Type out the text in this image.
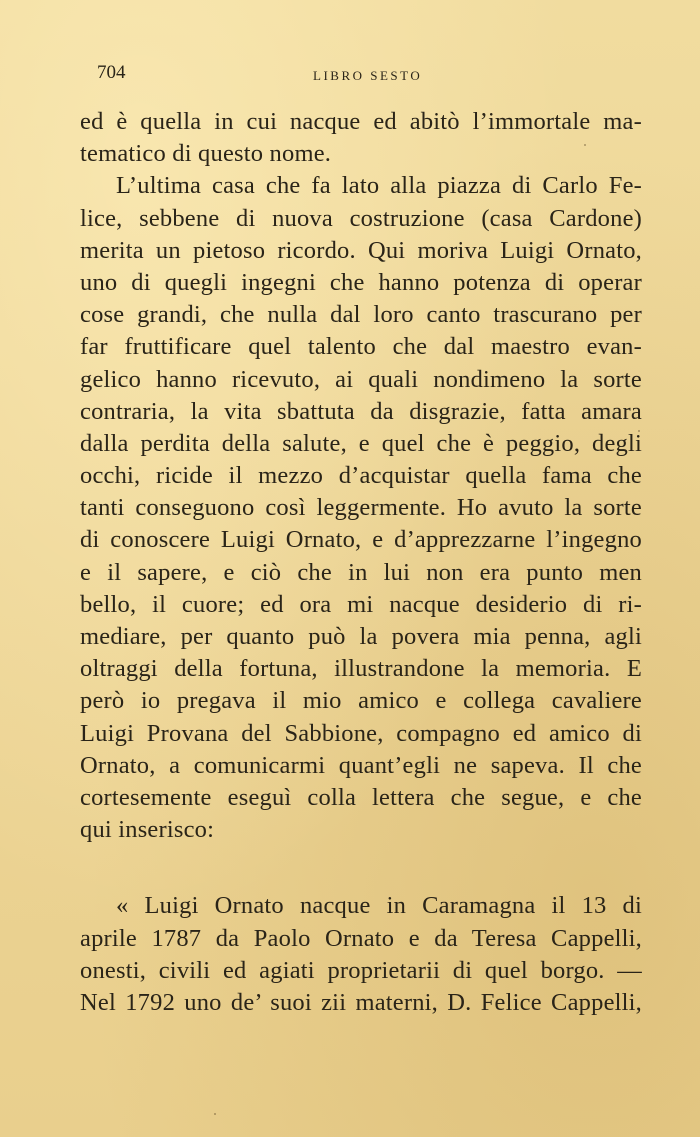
704	LIBRO SESTO
ed è quella in cui nacque ed abitò l’immortale ma-
tematico di questo nome.
L’ultima casa che fa lato alla piazza di Carlo Fe-
lice, sebbene di nuova costruzione (casa Cardone)
merita un pietoso ricordo. Qui moriva Luigi Ornato,
uno di quegli ingegni che hanno potenza di operar
cose grandi, che nulla dal loro canto trascurano per
far fruttificare quel talento che dal maestro evan-
gelico hanno ricevuto, ai quali nondimeno la sorte
contraria, la vita sbattuta da disgrazie, fatta amara
dalla perdita della salute, e quel che è peggio, degli
occhi, ricide il mezzo d’acquistar quella fama che
tanti conseguono così leggermente. Ho avuto la sorte
di conoscere Luigi Ornato, e d’apprezzarne l’ingegno
e il sapere, e ciò che in lui non era punto men
bello, il cuore; ed ora mi nacque desiderio di ri-
mediare, per quanto può la povera mia penna, agli
oltraggi della fortuna, illustrandone la memoria. E
però io pregava il mio amico e collega cavaliere
Luigi Provana del Sabbione, compagno ed amico di
Ornato, a comunicarmi quant’egli ne sapeva. Il che
cortesemente eseguì colla lettera che segue, e che
qui inserisco:
« Luigi Ornato nacque in Caramagna il 13 di
aprile 1787 da Paolo Ornato e da Teresa Cappelli,
onesti, civili ed agiati proprietarii di quel borgo. —
Nel 1792 uno de’ suoi zii materni, D. Felice Cappelli,
